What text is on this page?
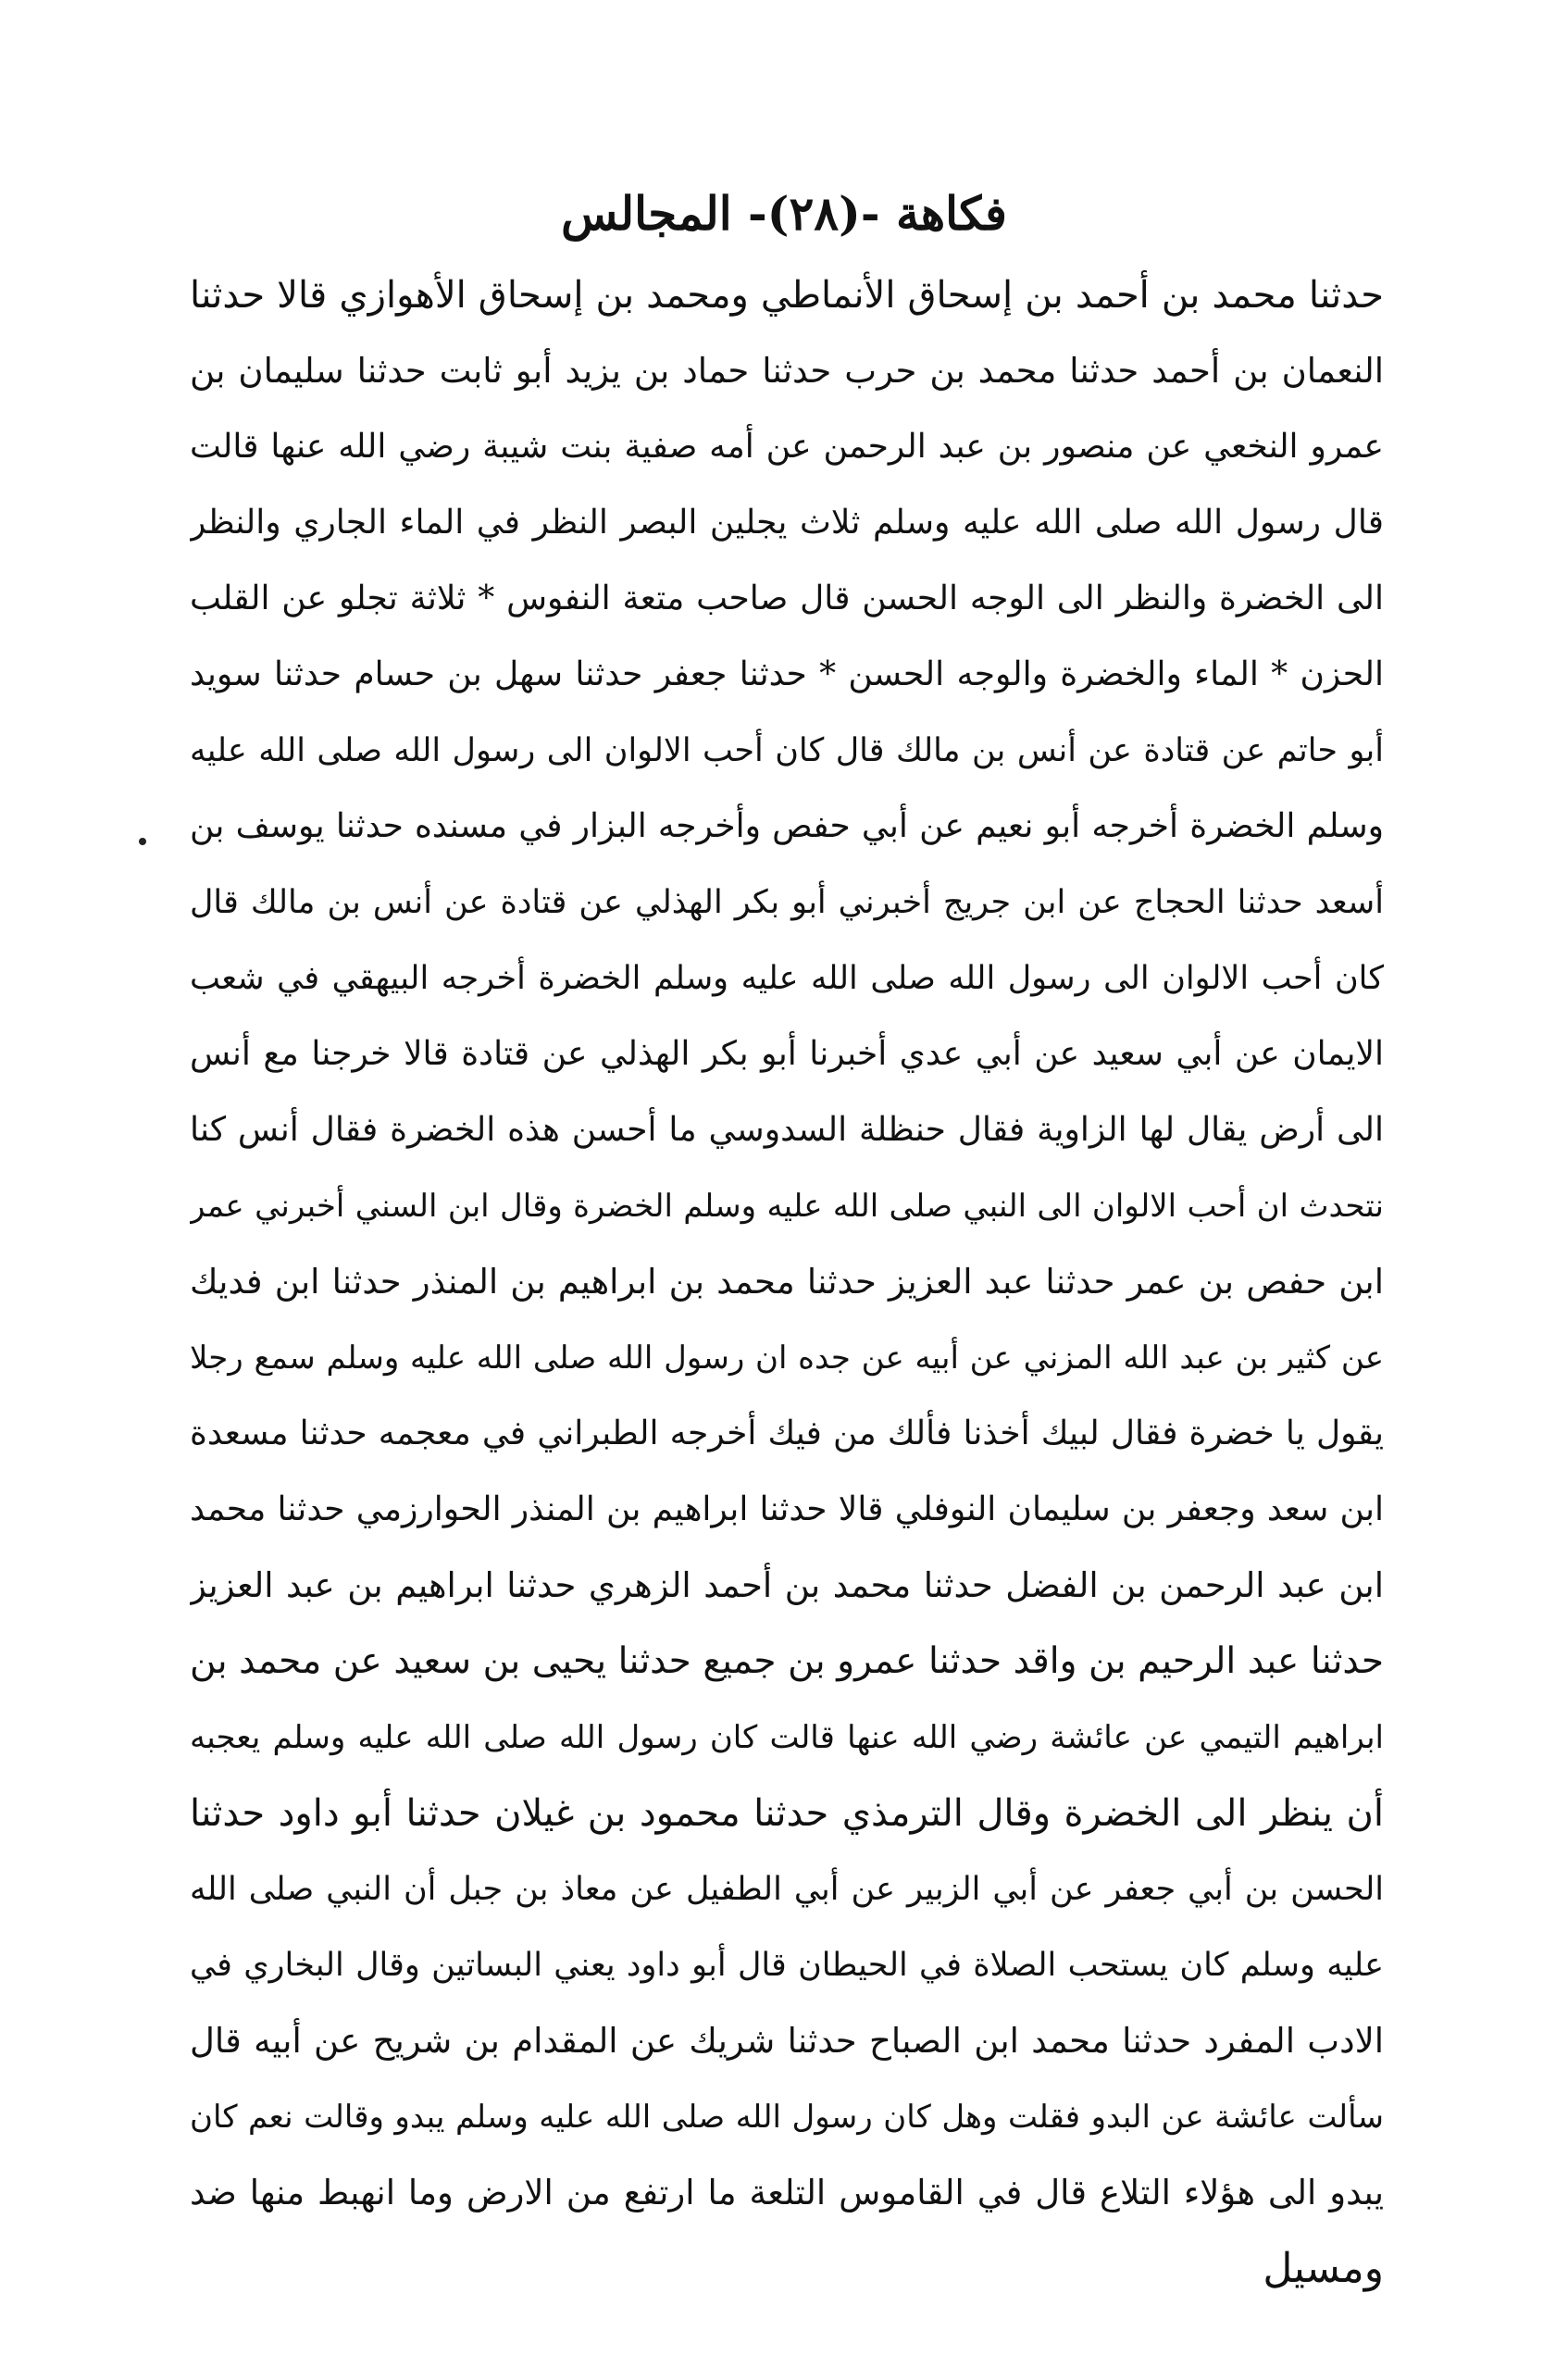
فكاهة -(٢٨)- المجالس
حدثنا محمد بن أحمد بن إسحاق الأنماطي ومحمد بن إسحاق الأهوازي قالا حدثنا
النعمان بن أحمد حدثنا محمد بن حرب حدثنا حماد بن يزيد أبو ثابت حدثنا سليمان بن
عمرو النخعي عن منصور بن عبد الرحمن عن أمه صفية بنت شيبة رضي الله عنها قالت
قال رسول الله صلى الله عليه وسلم ثلاث يجلين البصر النظر في الماء الجاري والنظر
الى الخضرة والنظر الى الوجه الحسن قال صاحب متعة النفوس * ثلاثة تجلو عن القلب
الحزن * الماء والخضرة والوجه الحسن * حدثنا جعفر حدثنا سهل بن حسام حدثنا سويد
أبو حاتم عن قتادة عن أنس بن مالك قال كان أحب الالوان الى رسول الله صلى الله عليه
وسلم الخضرة أخرجه أبو نعيم عن أبي حفص وأخرجه البزار في مسنده حدثنا يوسف بن
أسعد حدثنا الحجاج عن ابن جريج أخبرني أبو بكر الهذلي عن قتادة عن أنس بن مالك قال
كان أحب الالوان الى رسول الله صلى الله عليه وسلم الخضرة أخرجه البيهقي في شعب
الايمان عن أبي سعيد عن أبي عدي أخبرنا أبو بكر الهذلي عن قتادة قالا خرجنا مع أنس
الى أرض يقال لها الزاوية فقال حنظلة السدوسي ما أحسن هذه الخضرة فقال أنس كنا
نتحدث ان أحب الالوان الى النبي صلى الله عليه وسلم الخضرة وقال ابن السني أخبرني عمر
ابن حفص بن عمر حدثنا عبد العزيز حدثنا محمد بن ابراهيم بن المنذر حدثنا ابن فديك
عن كثير بن عبد الله المزني عن أبيه عن جده ان رسول الله صلى الله عليه وسلم سمع رجلا
يقول يا خضرة فقال لبيك أخذنا فألك من فيك أخرجه الطبراني في معجمه حدثنا مسعدة
ابن سعد وجعفر بن سليمان النوفلي قالا حدثنا ابراهيم بن المنذر الحوارزمي حدثنا محمد
ابن عبد الرحمن بن الفضل حدثنا محمد بن أحمد الزهري حدثنا ابراهيم بن عبد العزيز
حدثنا عبد الرحيم بن واقد حدثنا عمرو بن جميع حدثنا يحيى بن سعيد عن محمد بن
ابراهيم التيمي عن عائشة رضي الله عنها قالت كان رسول الله صلى الله عليه وسلم يعجبه
أن ينظر الى الخضرة وقال الترمذي حدثنا محمود بن غيلان حدثنا أبو داود حدثنا
الحسن بن أبي جعفر عن أبي الزبير عن أبي الطفيل عن معاذ بن جبل أن النبي صلى الله
عليه وسلم كان يستحب الصلاة في الحيطان قال أبو داود يعني البساتين وقال البخاري في
الادب المفرد حدثنا محمد ابن الصباح حدثنا شريك عن المقدام بن شريح عن أبيه قال
سألت عائشة عن البدو فقلت وهل كان رسول الله صلى الله عليه وسلم يبدو وقالت نعم كان
يبدو الى هؤلاء التلاع قال في القاموس التلعة ما ارتفع من الارض وما انهبط منها ضد
ومسيل
